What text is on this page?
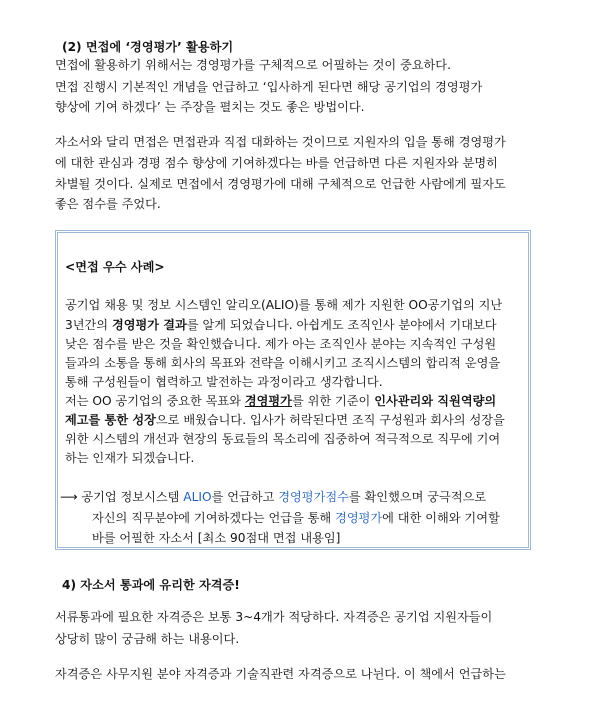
(2) 면접에 ‘경영평가’ 활용하기
면접에 활용하기 위해서는 경영평가를 구체적으로 어필하는 것이 중요하다.
면접 진행시 기본적인 개념을 언급하고 ‘입사하게 된다면 해당 공기업의 경영평가
향상에 기여 하겠다’ 는 주장을 펼치는 것도 좋은 방법이다.
자소서와 달리 면접은 면접관과 직접 대화하는 것이므로 지원자의 입을 통해 경영평가
에 대한 관심과 경평 점수 향상에 기여하겠다는 바를 언급하면 다른 지원자와 분명히
차별될 것이다. 실제로 면접에서 경영평가에 대해 구체적으로 언급한 사람에게 필자도
좋은 점수를 주었다.
<면접 우수 사례>
공기업 채용 및 정보 시스템인 알리오(ALIO)를 통해 제가 지원한 OO공기업의 지난
3년간의 경영평가 결과를 알게 되었습니다. 아쉽게도 조직인사 분야에서 기대보다
낮은 점수를 받은 것을 확인했습니다. 제가 아는 조직인사 분야는 지속적인 구성원
들과의 소통을 통해 회사의 목표와 전략을 이해시키고 조직시스템의 합리적 운영을
통해 구성원들이 협력하고 발전하는 과정이라고 생각합니다.
저는 OO 공기업의 중요한 목표와 경영평가를 위한 기준이 인사관리와 직원역량의
제고를 통한 성장으로 배웠습니다. 입사가 허락된다면 조직 구성원과 회사의 성장을
위한 시스템의 개선과 현장의 동료들의 목소리에 집중하여 적극적으로 직무에 기여
하는 인재가 되겠습니다.
⟶ 공기업 정보시스템 ALIO를 언급하고 경영평가점수를 확인했으며 궁극적으로
자신의 직무분야에 기여하겠다는 언급을 통해 경영평가에 대한 이해와 기여할
바를 어필한 자소서 [최소 90점대 면접 내용임]
4) 자소서 통과에 유리한 자격증!
서류통과에 필요한 자격증은 보통 3~4개가 적당하다. 자격증은 공기업 지원자들이
상당히 많이 궁금해 하는 내용이다.
자격증은 사무지원 분야 자격증과 기술직관련 자격증으로 나뉜다. 이 책에서 언급하는
